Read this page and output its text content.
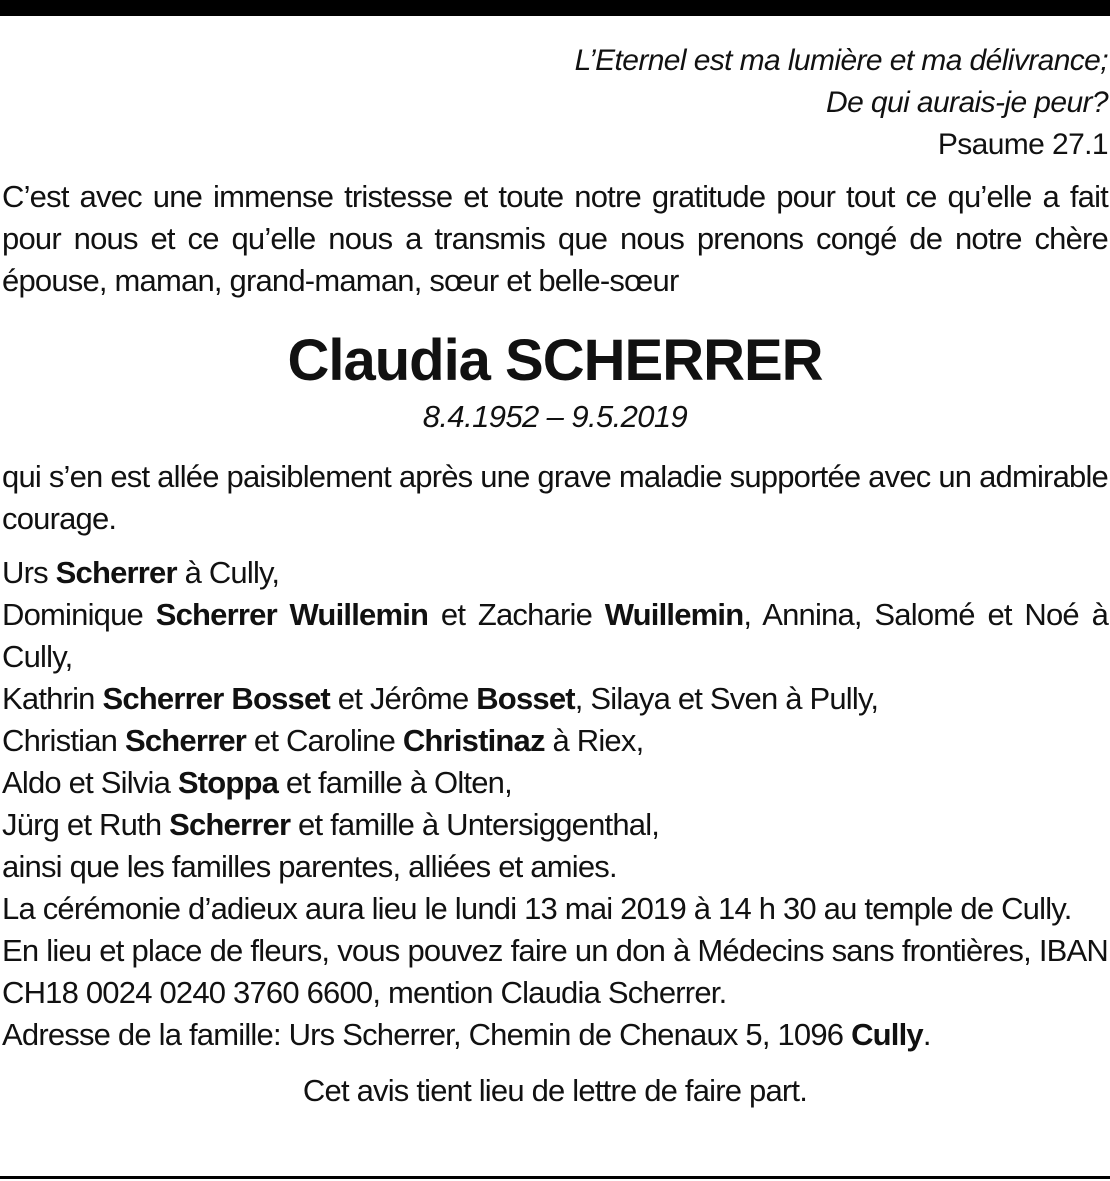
L’Eternel est ma lumière et ma délivrance;
De qui aurais-je peur?
Psaume 27.1
C’est avec une immense tristesse et toute notre gratitude pour tout ce qu’elle a fait pour nous et ce qu’elle nous a transmis que nous prenons congé de notre chère épouse, maman, grand-maman, sœur et belle-sœur
Claudia SCHERRER
8.4.1952 – 9.5.2019
qui s’en est allée paisiblement après une grave maladie supportée avec un admirable courage.
Urs Scherrer à Cully,
Dominique Scherrer Wuillemin et Zacharie Wuillemin, Annina, Salomé et Noé à Cully,
Kathrin Scherrer Bosset et Jérôme Bosset, Silaya et Sven à Pully,
Christian Scherrer et Caroline Christinaz à Riex,
Aldo et Silvia Stoppa et famille à Olten,
Jürg et Ruth Scherrer et famille à Untersiggenthal,
ainsi que les familles parentes, alliées et amies.
La cérémonie d’adieux aura lieu le lundi 13 mai 2019 à 14 h 30 au temple de Cully.
En lieu et place de fleurs, vous pouvez faire un don à Médecins sans frontières, IBAN CH18 0024 0240 3760 6600, mention Claudia Scherrer.
Adresse de la famille: Urs Scherrer, Chemin de Chenaux 5, 1096 Cully.
Cet avis tient lieu de lettre de faire part.
